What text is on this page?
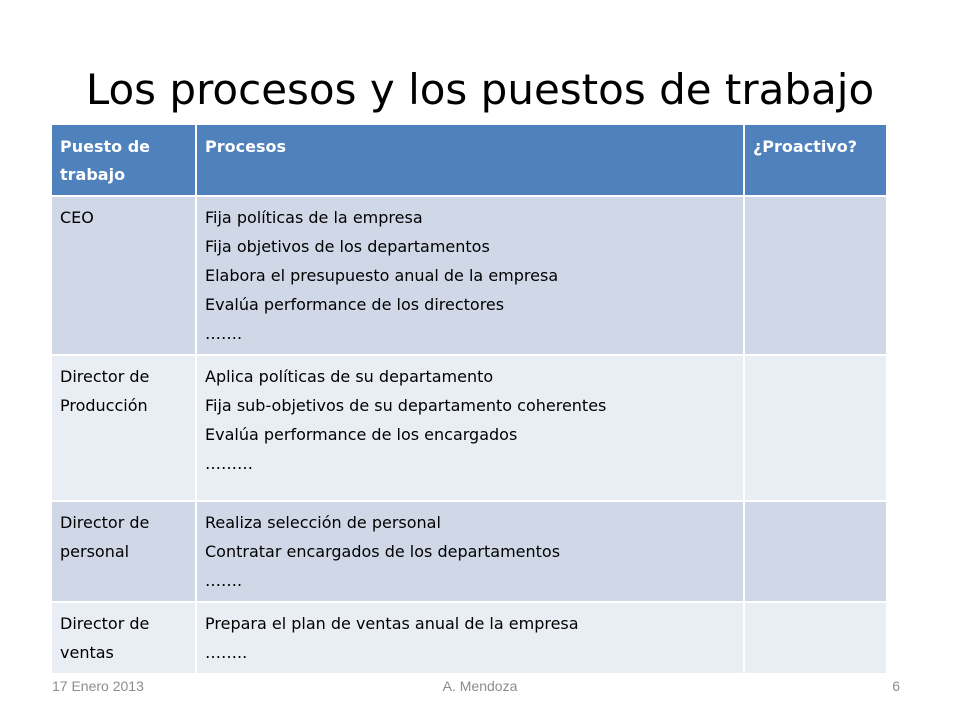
Los procesos y los puestos de trabajo
Puesto de trabajo	Procesos	¿Proactivo?
CEO	Fija políticas de la empresa
Fija objetivos de los departamentos
Elabora el presupuesto anual de la empresa
Evalúa performance de los directores
…….	

Director de Producción	Aplica políticas de su departamento
Fija sub-objetivos de su departamento coherentes
Evalúa performance de los encargados
………	

Director de personal	Realiza selección de personal
Contratar encargados de los departamentos
…….	

Director de ventas	Prepara el plan de ventas anual de la empresa
……..	

17 Enero 2013	A. Mendoza	6
